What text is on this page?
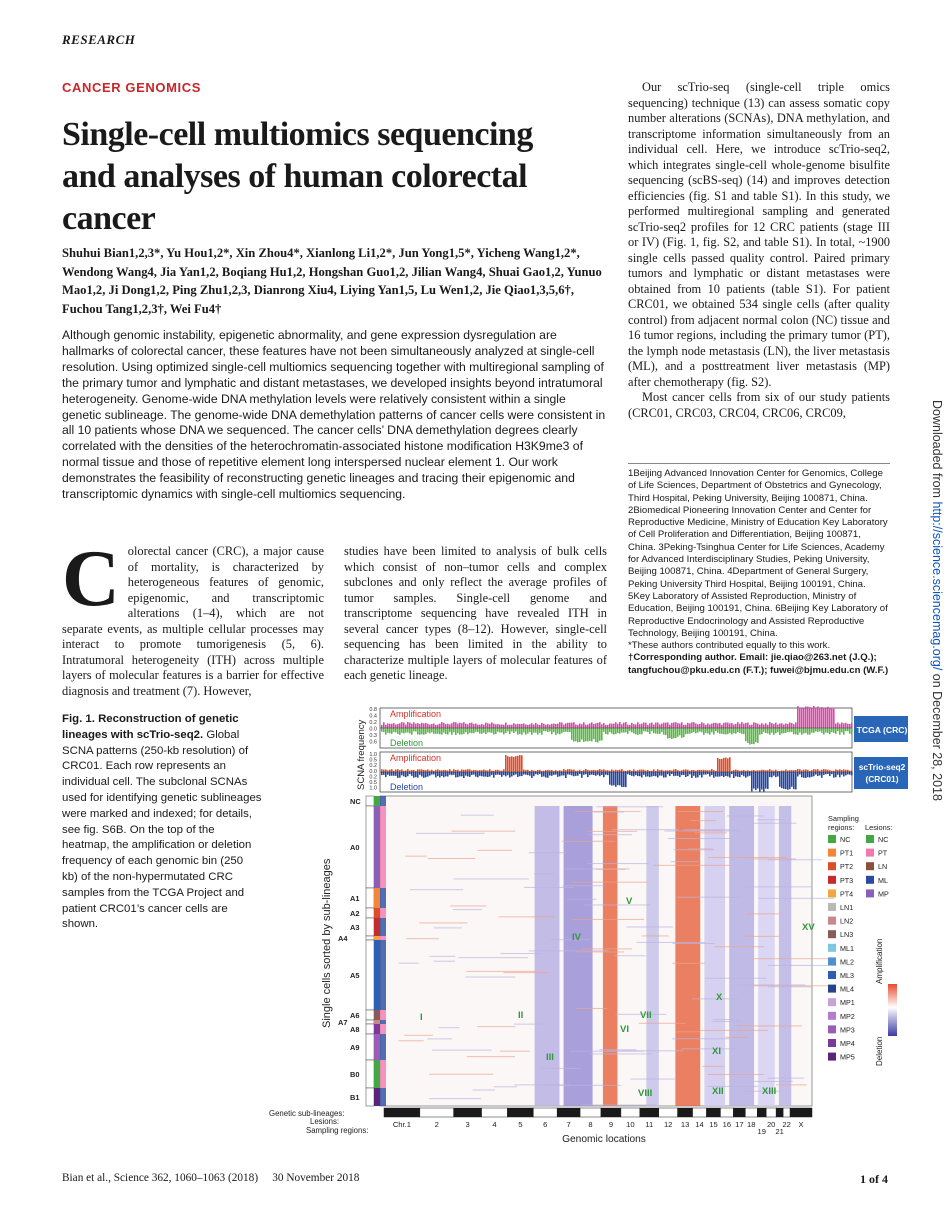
RESEARCH
CANCER GENOMICS
Single-cell multiomics sequencing and analyses of human colorectal cancer
Shuhui Bian1,2,3*, Yu Hou1,2*, Xin Zhou4*, Xianlong Li1,2*, Jun Yong1,5*, Yicheng Wang1,2*, Wendong Wang4, Jia Yan1,2, Boqiang Hu1,2, Hongshan Guo1,2, Jilian Wang4, Shuai Gao1,2, Yunuo Mao1,2, Ji Dong1,2, Ping Zhu1,2,3, Dianrong Xiu4, Liying Yan1,5, Lu Wen1,2, Jie Qiao1,3,5,6†, Fuchou Tang1,2,3†, Wei Fu4†
Although genomic instability, epigenetic abnormality, and gene expression dysregulation are hallmarks of colorectal cancer, these features have not been simultaneously analyzed at single-cell resolution. Using optimized single-cell multiomics sequencing together with multiregional sampling of the primary tumor and lymphatic and distant metastases, we developed insights beyond intratumoral heterogeneity. Genome-wide DNA methylation levels were relatively consistent within a single genetic sublineage. The genome-wide DNA demethylation patterns of cancer cells were consistent in all 10 patients whose DNA we sequenced. The cancer cells’ DNA demethylation degrees clearly correlated with the densities of the heterochromatin-associated histone modification H3K9me3 of normal tissue and those of repetitive element long interspersed nuclear element 1. Our work demonstrates the feasibility of reconstructing genetic lineages and tracing their epigenomic and transcriptomic dynamics with single-cell multiomics sequencing.
Colorectal cancer (CRC), a major cause of mortality, is characterized by heterogeneous features of genomic, epigenomic, and transcriptomic alterations (1–4), which are not separate events, as multiple cellular processes may interact to promote tumorigenesis (5, 6). Intratumoral heterogeneity (ITH) across multiple layers of molecular features is a barrier for effective diagnosis and treatment (7). However,
studies have been limited to analysis of bulk cells which consist of non–tumor cells and complex subclones and only reflect the average profiles of tumor samples. Single-cell genome and transcriptome sequencing have revealed ITH in several cancer types (8–12). However, single-cell sequencing has been limited in the ability to characterize multiple layers of molecular features of each genetic lineage.
Our scTrio-seq (single-cell triple omics sequencing) technique (13) can assess somatic copy number alterations (SCNAs), DNA methylation, and transcriptome information simultaneously from an individual cell. Here, we introduce scTrio-seq2, which integrates single-cell whole-genome bisulfite sequencing (scBS-seq) (14) and improves detection efficiencies (fig. S1 and table S1). In this study, we performed multiregional sampling and generated scTrio-seq2 profiles for 12 CRC patients (stage III or IV) (Fig. 1, fig. S2, and table S1). In total, ~1900 single cells passed quality control. Paired primary tumors and lymphatic or distant metastases were obtained from 10 patients (table S1). For patient CRC01, we obtained 534 single cells (after quality control) from adjacent normal colon (NC) tissue and 16 tumor regions, including the primary tumor (PT), the lymph node metastasis (LN), the liver metastasis (ML), and a posttreatment liver metastasis (MP) after chemotherapy (fig. S2).
Most cancer cells from six of our study patients (CRC01, CRC03, CRC04, CRC06, CRC09,

1Beijing Advanced Innovation Center for Genomics, College of Life Sciences, Department of Obstetrics and Gynecology, Third Hospital, Peking University, Beijing 100871, China. 2Biomedical Pioneering Innovation Center and Center for Reproductive Medicine, Ministry of Education Key Laboratory of Cell Proliferation and Differentiation, Beijing 100871, China. 3Peking-Tsinghua Center for Life Sciences, Academy for Advanced Interdisciplinary Studies, Peking University, Beijing 100871, China. 4Department of General Surgery, Peking University Third Hospital, Beijing 100191, China. 5Key Laboratory of Assisted Reproduction, Ministry of Education, Beijing 100191, China. 6Beijing Key Laboratory of Reproductive Endocrinology and Assisted Reproductive Technology, Beijing 100191, China.

*These authors contributed equally to this work.

†Corresponding author. Email: jie.qiao@263.net (J.Q.); tangfuchou@pku.edu.cn (F.T.); fuwei@bjmu.edu.cn (W.F.)

Downloaded from http://science.sciencemag.org/ on December 28, 2018
Fig. 1. Reconstruction of genetic lineages with scTrio-seq2. Global SCNA patterns (250-kb resolution) of CRC01. Each row represents an individual cell. The subclonal SCNAs used for identifying genetic sublineages were marked and indexed; for details, see fig. S6B. On the top of the heatmap, the amplification or deletion frequency of each genomic bin (250 kb) of the non-hypermutated CRC samples from the TCGA Project and patient CRC01’s cancer cells are shown.
Amplification
Deletion
Amplification
Deletion
0.8
0.4
0.2
0.0
0.3
0.6
1.0
0.5
0.2
0.0
0.2
0.5
1.0
SCNA frequency	TCGA (CRC)
scTrio-seq2
(CRC01)
NC
A0
A1
A2
A3
A4
A5
A6
A7
A8
A9
B0
B1
I	II
III
IV
V
VI
VII
VIII
X
XI
XII	XIII
XV
Single cells sorted by sub-lineages
Chr.1	2	3	4	5	6	7 8 9 10 11 12 13 14 15 16 17 18
19
20
21
22 X
Genetic sub-lineages:
Lesions:
Sampling regions:
Genomic locations
Sampling
regions: Lesions:
NC
PT1
PT2
PT3
PT4
LN1
LN2
LN3
ML1
ML2
ML3
ML4
MP1
MP2
MP3
MP4
MP5
NC
PT
LN
ML
MP
Amplification
Deletion
Bian et al., Science 362, 1060–1063 (2018)     30 November 2018	1 of 4
